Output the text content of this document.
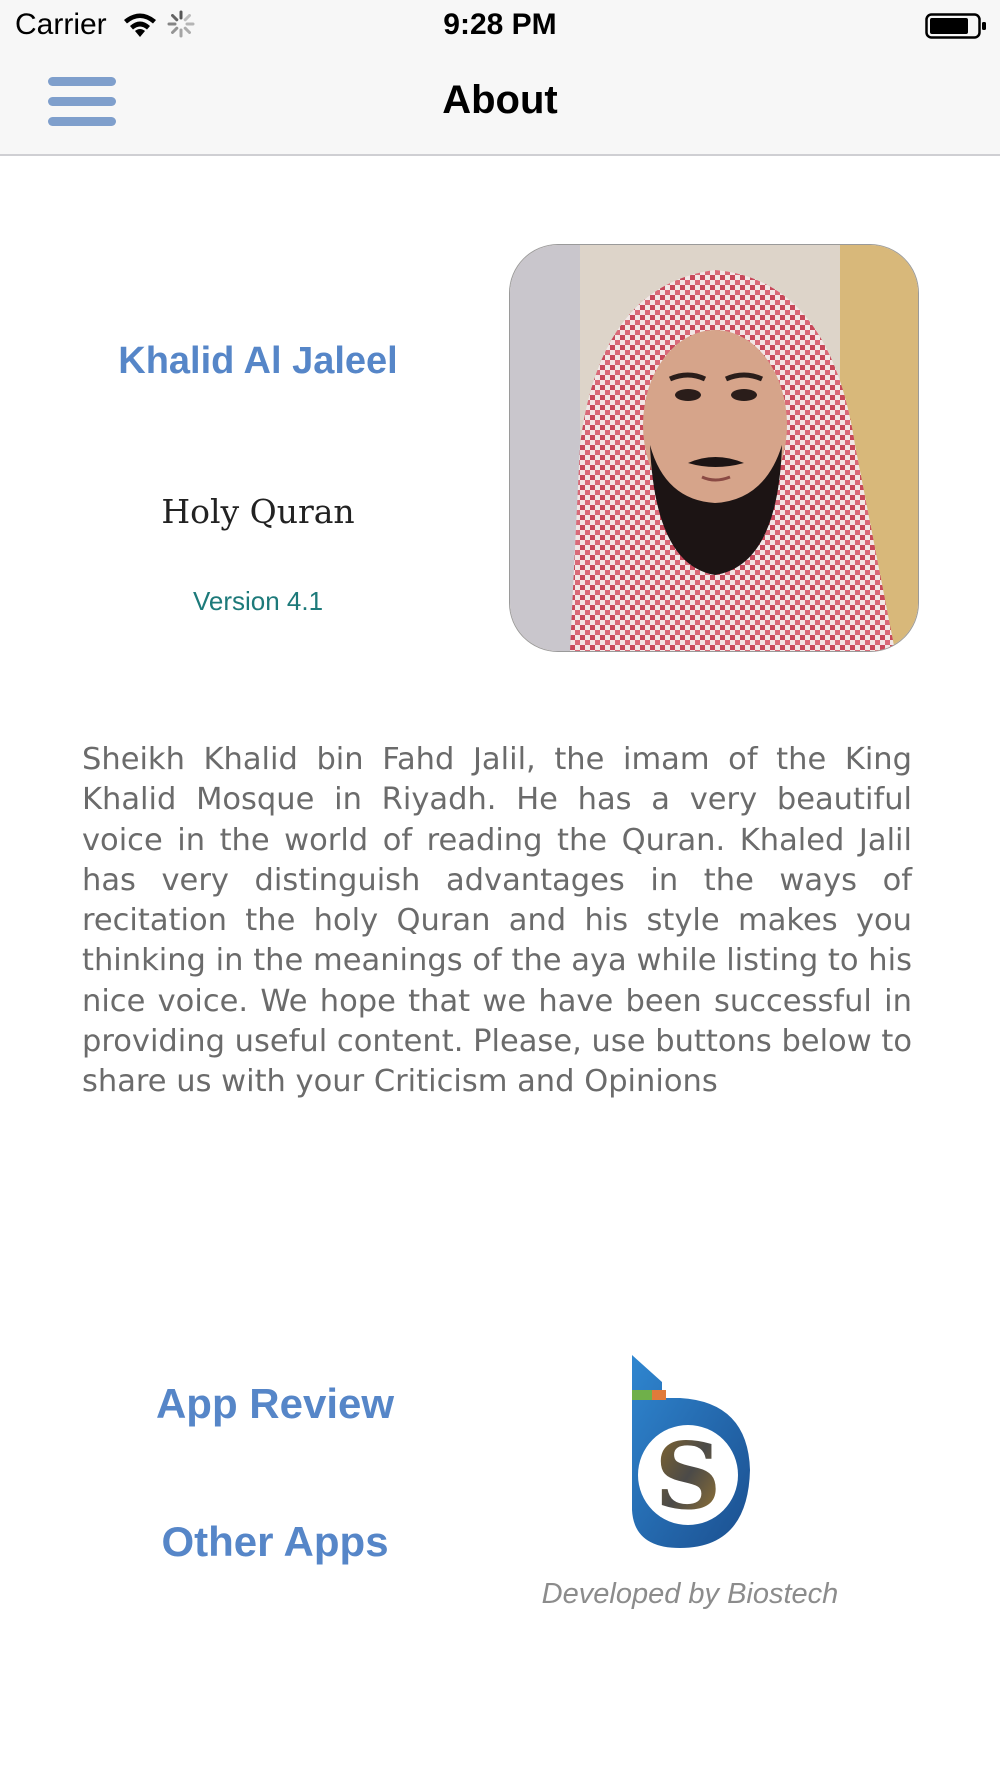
Carrier	9:28 PM
About
Khalid Al Jaleel
Holy Quran
Version 4.1
Sheikh Khalid bin Fahd Jalil, the imam of the King Khalid Mosque in Riyadh. He has a very beautiful voice in the world of reading the Quran. Khaled Jalil has very distinguish advantages in the ways of recitation the holy Quran and his style makes you thinking in the meanings of the aya while listing to his nice voice. We hope that we have been successful in providing useful content. Please, use buttons below to share us with your Criticism and Opinions
App Review
Other Apps
S
Developed by Biostech
